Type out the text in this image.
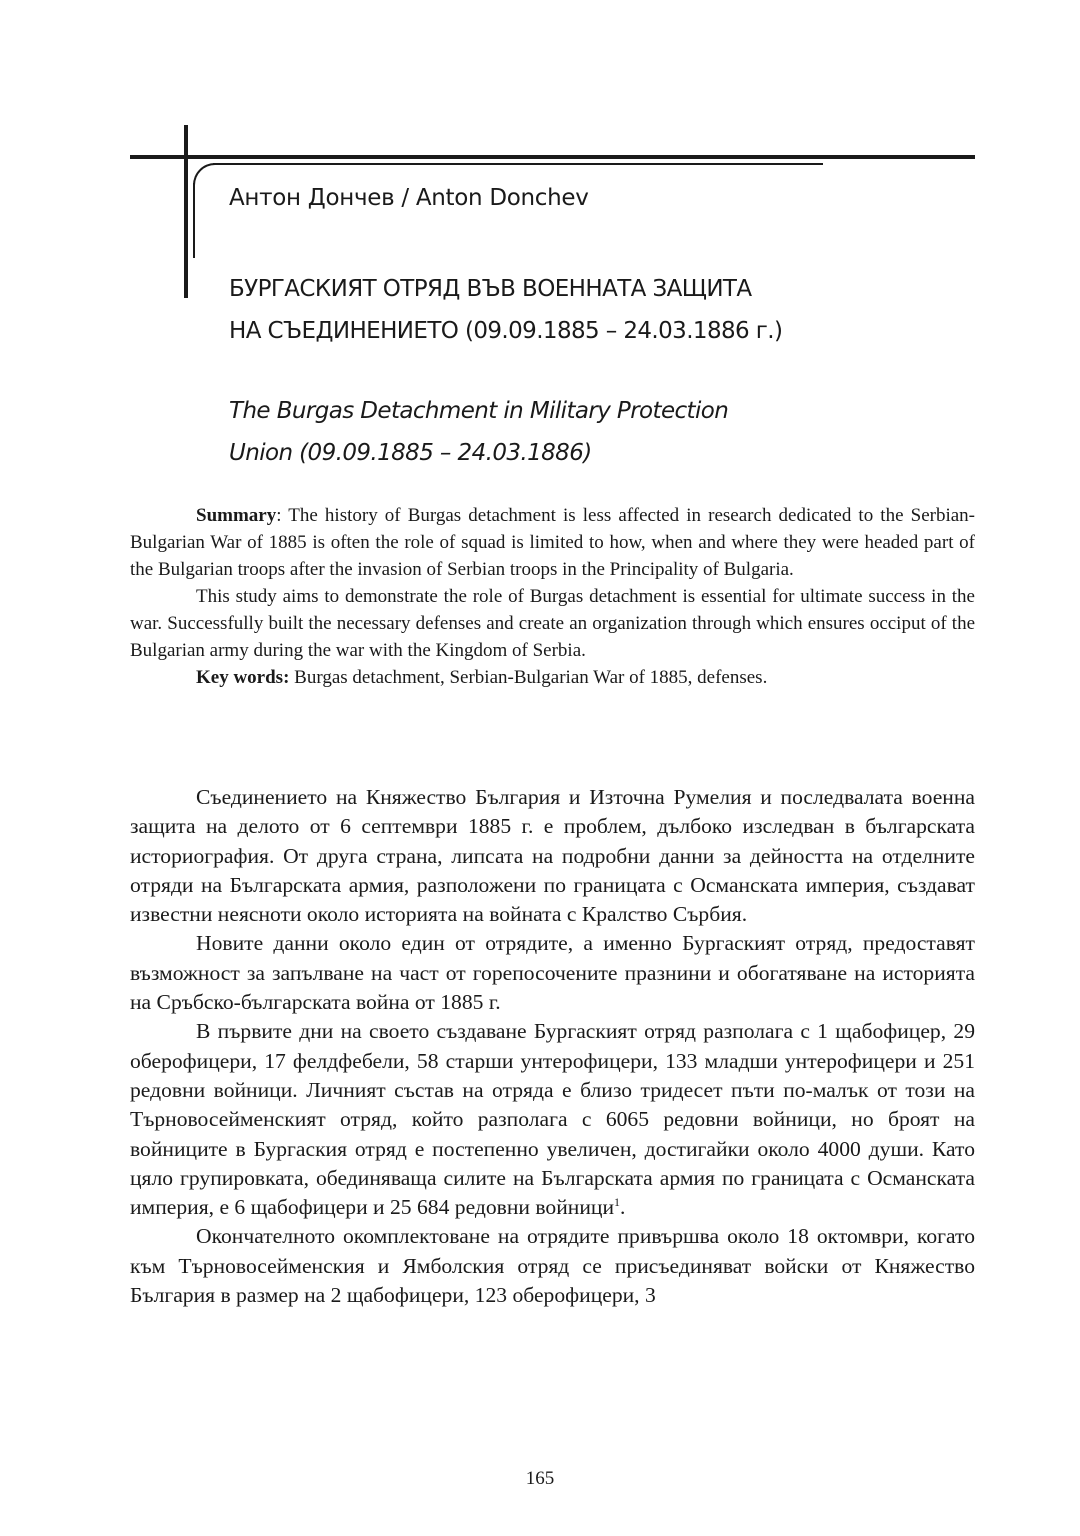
Антон Дончев / Anton Donchev
БУРГАСКИЯТ ОТРЯД ВЪВ ВОЕННАТА ЗАЩИТА
НА СЪЕДИНЕНИЕТО (09.09.1885 – 24.03.1886 г.)
The Burgas Detachment in Military Protection
Union (09.09.1885 – 24.03.1886)

Summary: The history of Burgas detachment is less affected in research dedicated to the Serbian-Bulgarian War of 1885 is often the role of squad is limited to how, when and where they were headed part of the Bulgarian troops after the invasion of Serbian troops in the Principality of Bulgaria.

This study aims to demonstrate the role of Burgas detachment is essential for ultimate success in the war. Successfully built the necessary defenses and create an organization through which ensures occiput of the Bulgarian army during the war with the Kingdom of Serbia.

Key words: Burgas detachment, Serbian-Bulgarian War of 1885, defenses.

Съединението на Княжество България и Източна Румелия и последвалата военна защита на делото от 6 септември 1885 г. е проблем, дълбоко изследван в българската историография. От друга страна, липсата на подробни данни за дейността на отделните отряди на Българската армия, разположени по границата с Османската империя, създават известни неясноти около историята на войната с Кралство Сърбия.

Новите данни около един от отрядите, а именно Бургаският отряд, предоставят възможност за запълване на част от горепосочените празнини и обогатяване на историята на Сръбско-българската война от 1885 г.

В първите дни на своето създаване Бургаският отряд разполага с 1 щабофицер, 29 оберофицери, 17 фелдфебели, 58 старши унтерофицери, 133 младши унтерофицери и 251 редовни войници. Личният състав на отряда е близо тридесет пъти по-малък от този на Търновосейменският отряд, който разполага с 6065 редовни войници, но броят на войниците в Бургаския отряд е постепенно увеличен, достигайки около 4000 души. Като цяло групировката, обединяваща силите на Българската армия по границата с Османската империя, е 6 щабофицери и 25 684 редовни войници$^1$.

Окончателното окомплектоване на отрядите привършва около 18 октомври, когато към Търновосейменския и Ямболския отряд се присъединяват войски от Княжество България в размер на 2 щабофицери, 123 оберофицери, 3

165
